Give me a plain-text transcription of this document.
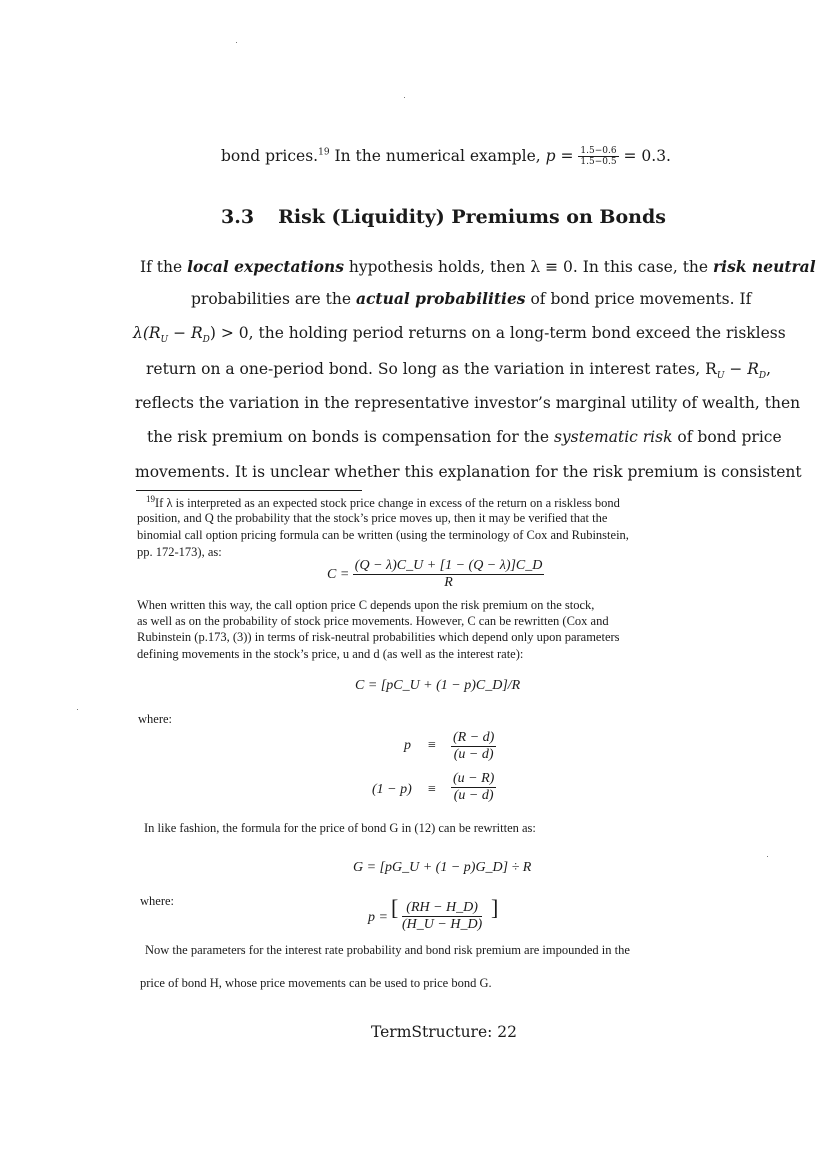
bond prices.$^{19}$ In the numerical example, $p = \frac{1.5-0.6}{1.5-0.5} = 0.3$.
3.3 Risk (Liquidity) Premiums on Bonds
If the local expectations hypothesis holds, then λ ≡ 0. In this case, the risk neutral
probabilities are the actual probabilities of bond price movements. If
$\lambda(R_U - R_D) > 0$, the holding period returns on a long-term bond exceed the riskless
return on a one-period bond. So long as the variation in interest rates, $R_U - R_D$,
reflects the variation in the representative investor’s marginal utility of wealth, then
the risk premium on bonds is compensation for the systematic risk of bond price
movements. It is unclear whether this explanation for the risk premium is consistent
$^{19}$If λ is interpreted as an expected stock price change in excess of the return on a riskless bond
position, and Q the probability that the stock’s price moves up, then it may be verified that the
binomial call option pricing formula can be written (using the terminology of Cox and Rubinstein,
pp. 172-173), as:
$C = \frac{(Q - \lambda)C\_U + [1 - (Q - \lambda)]C\_D}{R}$
When written this way, the call option price C depends upon the risk premium on the stock,
as well as on the probability of stock price movements. However, C can be rewritten (Cox and
Rubinstein (p.173, (3)) in terms of risk-neutral probabilities which depend only upon parameters
defining movements in the stock’s price, u and d (as well as the interest rate):
C = [pC_U + (1 − p)C_D]/R
where:
$p \equiv \frac{(R - d)}{(u - d)}$
$(1 - p) \equiv \frac{(u - R)}{(u - d)}$
In like fashion, the formula for the price of bond G in (12) can be rewritten as:
G = [pG_U + (1 − p)G_D] ÷ R
where:
p = [ $\frac{(RH - H\_D)}{(H\_U - H\_D)}$ ]
Now the parameters for the interest rate probability and bond risk premium are impounded in the
price of bond H, whose price movements can be used to price bond G.
TermStructure: 22
